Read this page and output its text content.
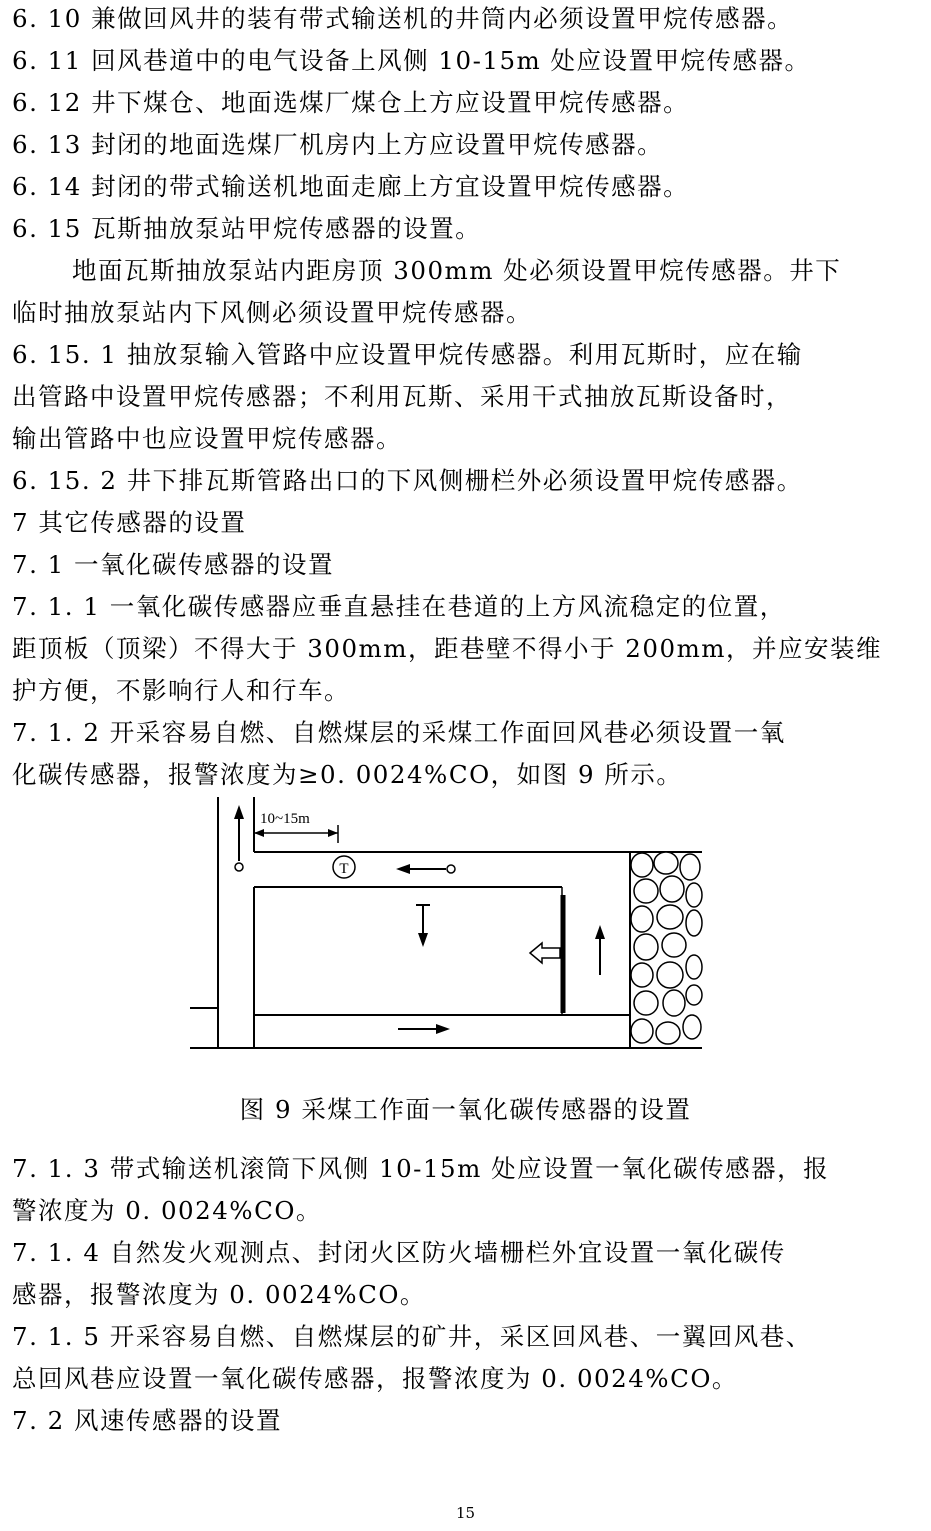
6. 10 兼做回风井的装有带式输送机的井筒内必须设置甲烷传感器。
6. 11 回风巷道中的电气设备上风侧 10-15m 处应设置甲烷传感器。
6. 12 井下煤仓、地面选煤厂煤仓上方应设置甲烷传感器。
6. 13 封闭的地面选煤厂机房内上方应设置甲烷传感器。
6. 14 封闭的带式输送机地面走廊上方宜设置甲烷传感器。
6. 15 瓦斯抽放泵站甲烷传感器的设置。
地面瓦斯抽放泵站内距房顶 300mm 处必须设置甲烷传感器。井下
临时抽放泵站内下风侧必须设置甲烷传感器。
6. 15. 1 抽放泵输入管路中应设置甲烷传感器。利用瓦斯时，应在输
出管路中设置甲烷传感器；不利用瓦斯、采用干式抽放瓦斯设备时，
输出管路中也应设置甲烷传感器。
6. 15. 2 井下排瓦斯管路出口的下风侧栅栏外必须设置甲烷传感器。
7 其它传感器的设置
7. 1 一氧化碳传感器的设置
7. 1. 1 一氧化碳传感器应垂直悬挂在巷道的上方风流稳定的位置，
距顶板（顶梁）不得大于 300mm，距巷壁不得小于 200mm，并应安装维
护方便，不影响行人和行车。
7. 1. 2 开采容易自燃、自燃煤层的采煤工作面回风巷必须设置一氧
化碳传感器，报警浓度为≥0. 0024%CO，如图 9 所示。
10~15m
T
图 9 采煤工作面一氧化碳传感器的设置
7. 1. 3 带式输送机滚筒下风侧 10-15m 处应设置一氧化碳传感器，报
警浓度为 0. 0024%CO。
7. 1. 4 自然发火观测点、封闭火区防火墙栅栏外宜设置一氧化碳传
感器，报警浓度为 0. 0024%CO。
7. 1. 5 开采容易自燃、自燃煤层的矿井，采区回风巷、一翼回风巷、
总回风巷应设置一氧化碳传感器，报警浓度为 0. 0024%CO。
7. 2 风速传感器的设置
15
